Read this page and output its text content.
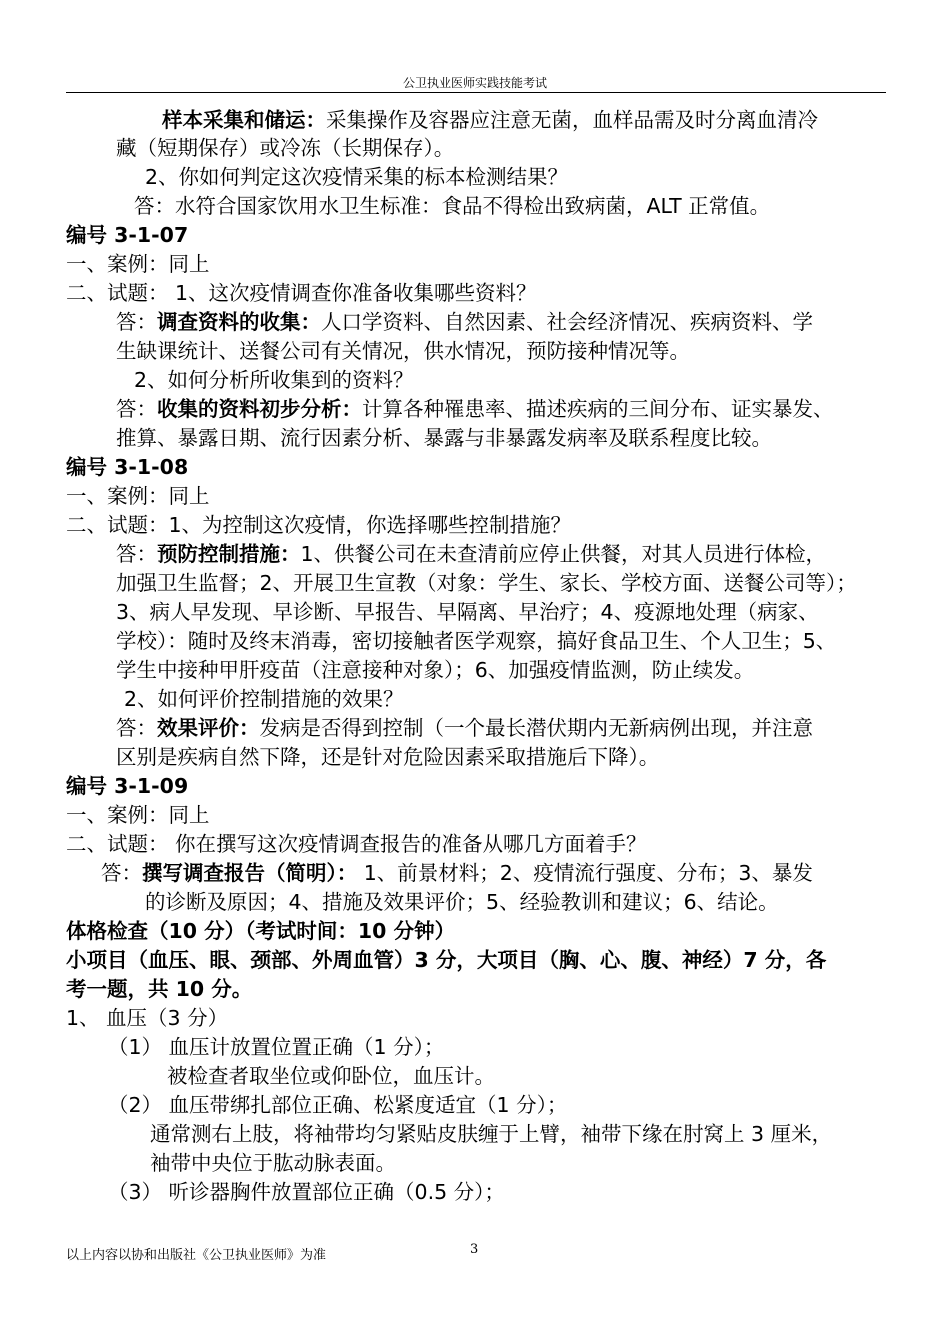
公卫执业医师实践技能考试
样本采集和储运：采集操作及容器应注意无菌，血样品需及时分离血清冷
藏（短期保存）或冷冻（长期保存）。
2、你如何判定这次疫情采集的标本检测结果？
答：水符合国家饮用水卫生标准：食品不得检出致病菌，ALT 正常值。
编号 3-1-07
一、案例：同上
二、试题： 1、这次疫情调查你准备收集哪些资料？
答：调查资料的收集：人口学资料、自然因素、社会经济情况、疾病资料、学
生缺课统计、送餐公司有关情况，供水情况，预防接种情况等。
2、如何分析所收集到的资料？
答：收集的资料初步分析：计算各种罹患率、描述疾病的三间分布、证实暴发、
推算、暴露日期、流行因素分析、暴露与非暴露发病率及联系程度比较。
编号 3-1-08
一、案例：同上
二、试题：1、为控制这次疫情，你选择哪些控制措施？
答：预防控制措施：1、供餐公司在未查清前应停止供餐，对其人员进行体检，
加强卫生监督；2、开展卫生宣教（对象：学生、家长、学校方面、送餐公司等）；
3、病人早发现、早诊断、早报告、早隔离、早治疗；4、疫源地处理（病家、
学校）：随时及终末消毒，密切接触者医学观察，搞好食品卫生、个人卫生；5、
学生中接种甲肝疫苗（注意接种对象）；6、加强疫情监测，防止续发。
2、如何评价控制措施的效果？
答：效果评价：发病是否得到控制（一个最长潜伏期内无新病例出现，并注意
区别是疾病自然下降，还是针对危险因素采取措施后下降）。
编号 3-1-09
一、案例：同上
二、试题： 你在撰写这次疫情调查报告的准备从哪几方面着手？
答：撰写调查报告（简明）： 1、前景材料；2、疫情流行强度、分布；3、暴发
的诊断及原因；4、措施及效果评价；5、经验教训和建议；6、结论。
体格检查（10 分）（考试时间：10 分钟）
小项目（血压、眼、颈部、外周血管）3 分，大项目（胸、心、腹、神经）7 分，各
考一题，共 10 分。
1、 血压（3 分）
（1） 血压计放置位置正确（1 分）；
被检查者取坐位或仰卧位，血压计。
（2） 血压带绑扎部位正确、松紧度适宜（1 分）；
通常测右上肢，将袖带均匀紧贴皮肤缠于上臂，袖带下缘在肘窝上 3 厘米，
袖带中央位于肱动脉表面。
（3） 听诊器胸件放置部位正确（0.5 分）；
以上内容以协和出版社《公卫执业医师》为准	3
